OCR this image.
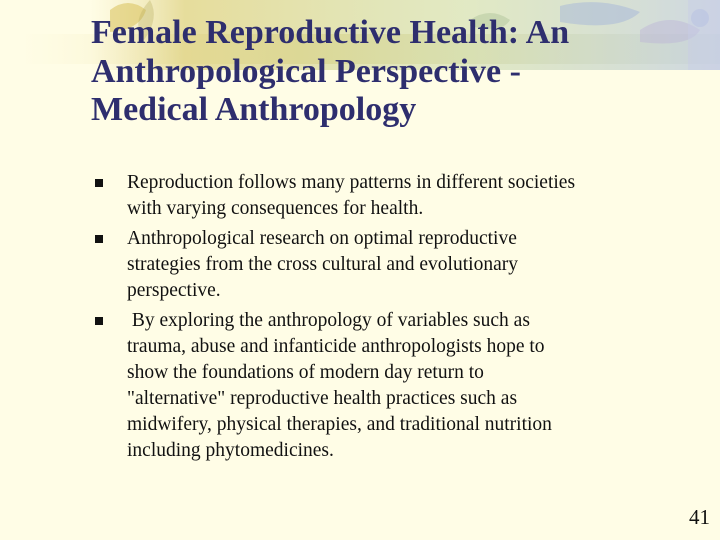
Female Reproductive Health: An
Anthropological Perspective -
Medical Anthropology
Reproduction follows many patterns in different societies
with varying consequences for health.
Anthropological research on optimal reproductive
strategies from the cross cultural and evolutionary
perspective.
By exploring the anthropology of variables such as
trauma, abuse and infanticide anthropologists hope to
show the foundations of modern day return to
"alternative" reproductive health practices such as
midwifery, physical therapies, and traditional nutrition
including phytomedicines.
41
